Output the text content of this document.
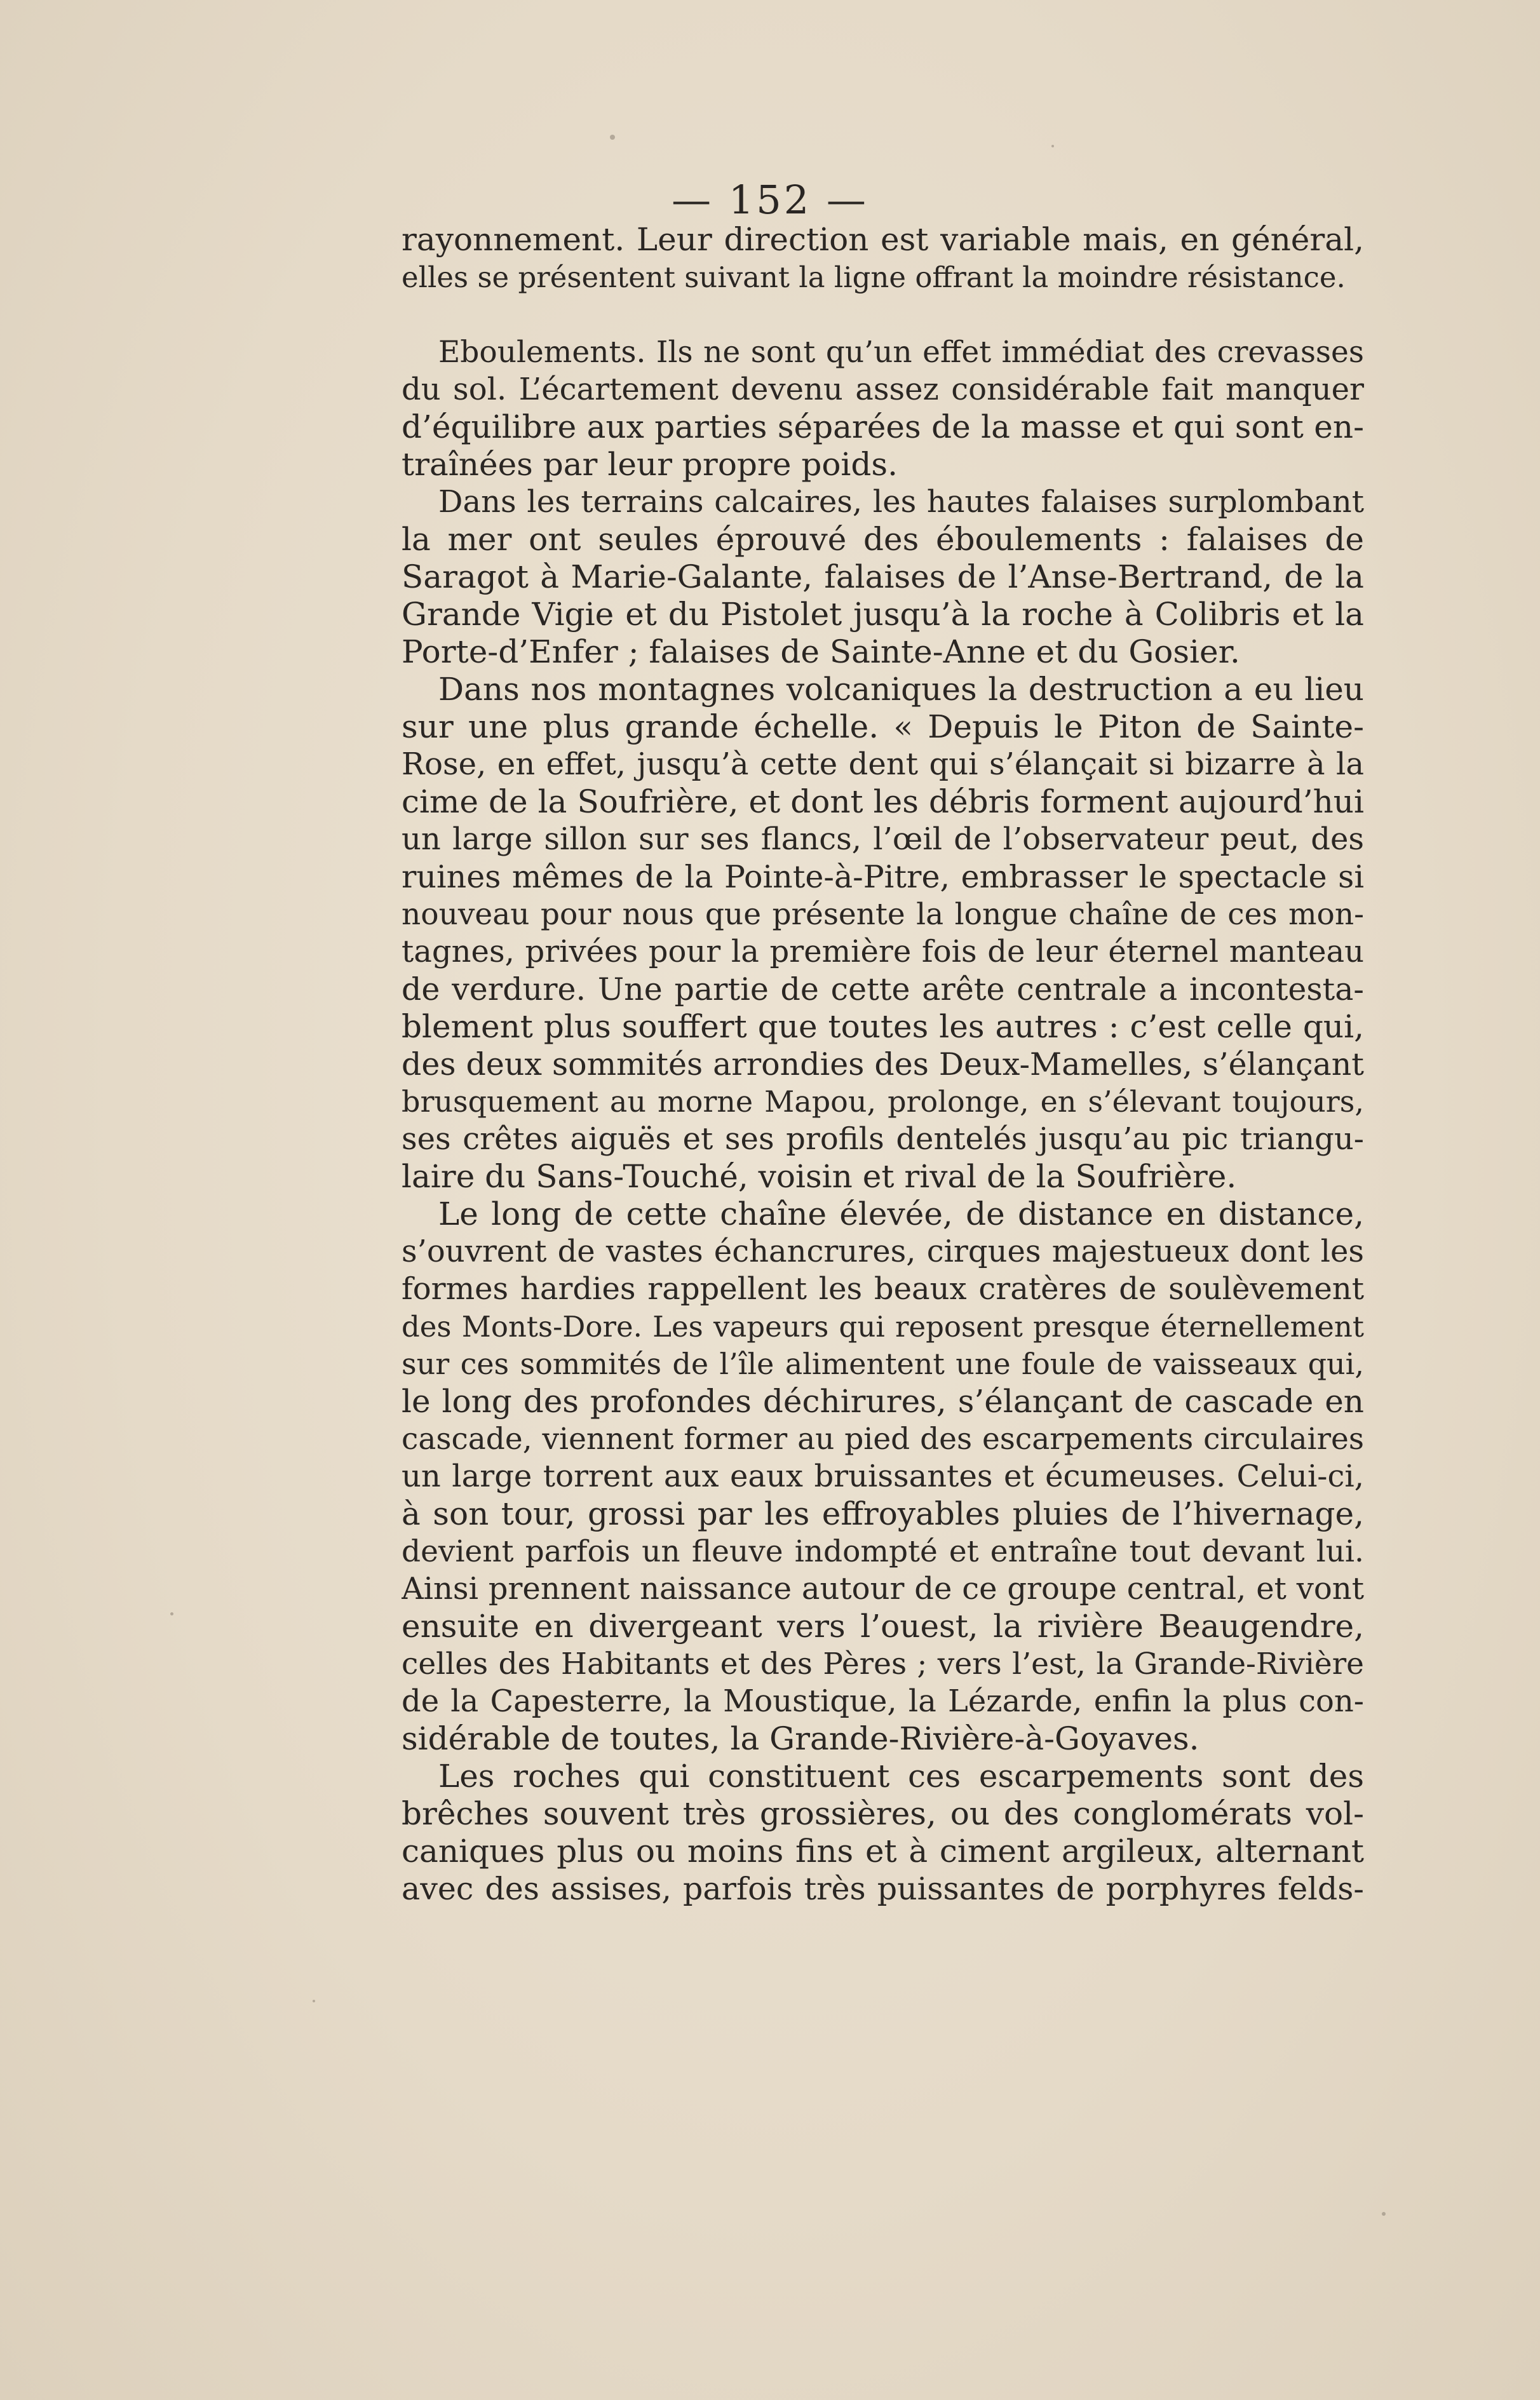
— 152 —
rayonnement. Leur direction est variable mais, en général,
elles se présentent suivant la ligne offrant la moindre résistance.
Eboulements. Ils ne sont qu’un effet immédiat des crevasses
du sol. L’écartement devenu assez considérable fait manquer
d’équilibre aux parties séparées de la masse et qui sont en-
traînées par leur propre poids.
Dans les terrains calcaires, les hautes falaises surplombant
la mer ont seules éprouvé des éboulements : falaises de
Saragot à Marie-Galante, falaises de l’Anse-Bertrand, de la
Grande Vigie et du Pistolet jusqu’à la roche à Colibris et la
Porte-d’Enfer ; falaises de Sainte-Anne et du Gosier.
Dans nos montagnes volcaniques la destruction a eu lieu
sur une plus grande échelle. « Depuis le Piton de Sainte-
Rose, en effet, jusqu’à cette dent qui s’élançait si bizarre à la
cime de la Soufrière, et dont les débris forment aujourd’hui
un large sillon sur ses flancs, l’œil de l’observateur peut, des
ruines mêmes de la Pointe-à-Pitre, embrasser le spectacle si
nouveau pour nous que présente la longue chaîne de ces mon-
tagnes, privées pour la première fois de leur éternel manteau
de verdure. Une partie de cette arête centrale a incontesta-
blement plus souffert que toutes les autres : c’est celle qui,
des deux sommités arrondies des Deux-Mamelles, s’élançant
brusquement au morne Mapou, prolonge, en s’élevant toujours,
ses crêtes aiguës et ses profils dentelés jusqu’au pic triangu-
laire du Sans-Touché, voisin et rival de la Soufrière.
Le long de cette chaîne élevée, de distance en distance,
s’ouvrent de vastes échancrures, cirques majestueux dont les
formes hardies rappellent les beaux cratères de soulèvement
des Monts-Dore. Les vapeurs qui reposent presque éternellement
sur ces sommités de l’île alimentent une foule de vaisseaux qui,
le long des profondes déchirures, s’élançant de cascade en
cascade, viennent former au pied des escarpements circulaires
un large torrent aux eaux bruissantes et écumeuses. Celui-ci,
à son tour, grossi par les effroyables pluies de l’hivernage,
devient parfois un fleuve indompté et entraîne tout devant lui.
Ainsi prennent naissance autour de ce groupe central, et vont
ensuite en divergeant vers l’ouest, la rivière Beaugendre,
celles des Habitants et des Pères ; vers l’est, la Grande-Rivière
de la Capesterre, la Moustique, la Lézarde, enfin la plus con-
sidérable de toutes, la Grande-Rivière-à-Goyaves.
Les roches qui constituent ces escarpements sont des
brêches souvent très grossières, ou des conglomérats vol-
caniques plus ou moins fins et à ciment argileux, alternant
avec des assises, parfois très puissantes de porphyres felds-
